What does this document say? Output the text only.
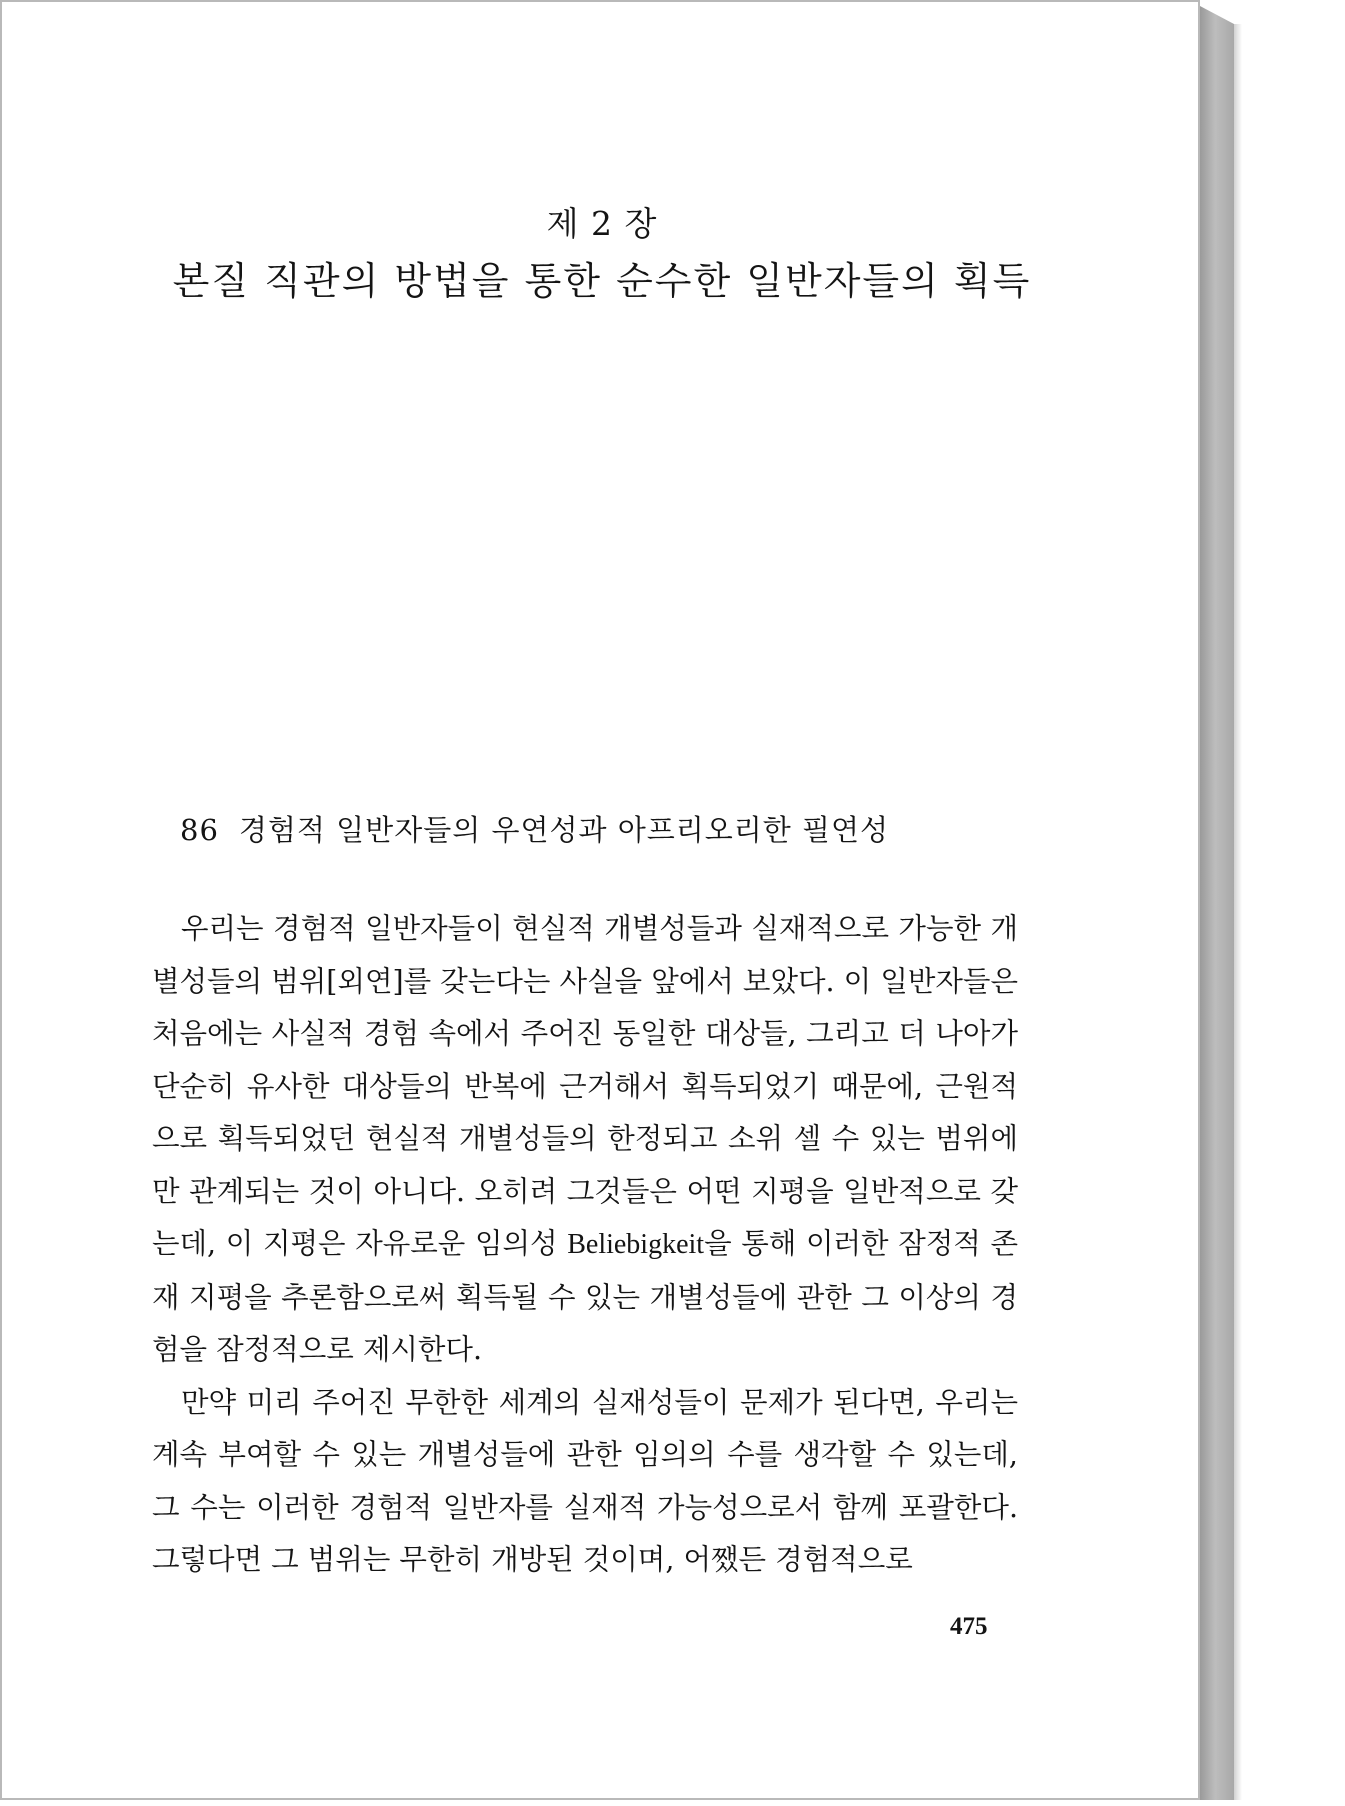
제 2 장
본질 직관의 방법을 통한 순수한 일반자들의 획득
86 경험적 일반자들의 우연성과 아프리오리한 필연성

우리는 경험적 일반자들이 현실적 개별성들과 실재적으로 가능한 개별성들의 범위[외연]를 갖는다는 사실을 앞에서 보았다. 이 일반자들은 처음에는 사실적 경험 속에서 주어진 동일한 대상들, 그리고 더 나아가 단순히 유사한 대상들의 반복에 근거해서 획득되었기 때문에, 근원적으로 획득되었던 현실적 개별성들의 한정되고 소위 셀 수 있는 범위에만 관계되는 것이 아니다. 오히려 그것들은 어떤 지평을 일반적으로 갖는데, 이 지평은 자유로운 임의성 Beliebigkeit을 통해 이러한 잠정적 존재 지평을 추론함으로써 획득될 수 있는 개별성들에 관한 그 이상의 경험을 잠정적으로 제시한다.

만약 미리 주어진 무한한 세계의 실재성들이 문제가 된다면, 우리는 계속 부여할 수 있는 개별성들에 관한 임의의 수를 생각할 수 있는데, 그 수는 이러한 경험적 일반자를 실재적 가능성으로서 함께 포괄한다. 그렇다면 그 범위는 무한히 개방된 것이며, 어쨌든 경험적으로

475
